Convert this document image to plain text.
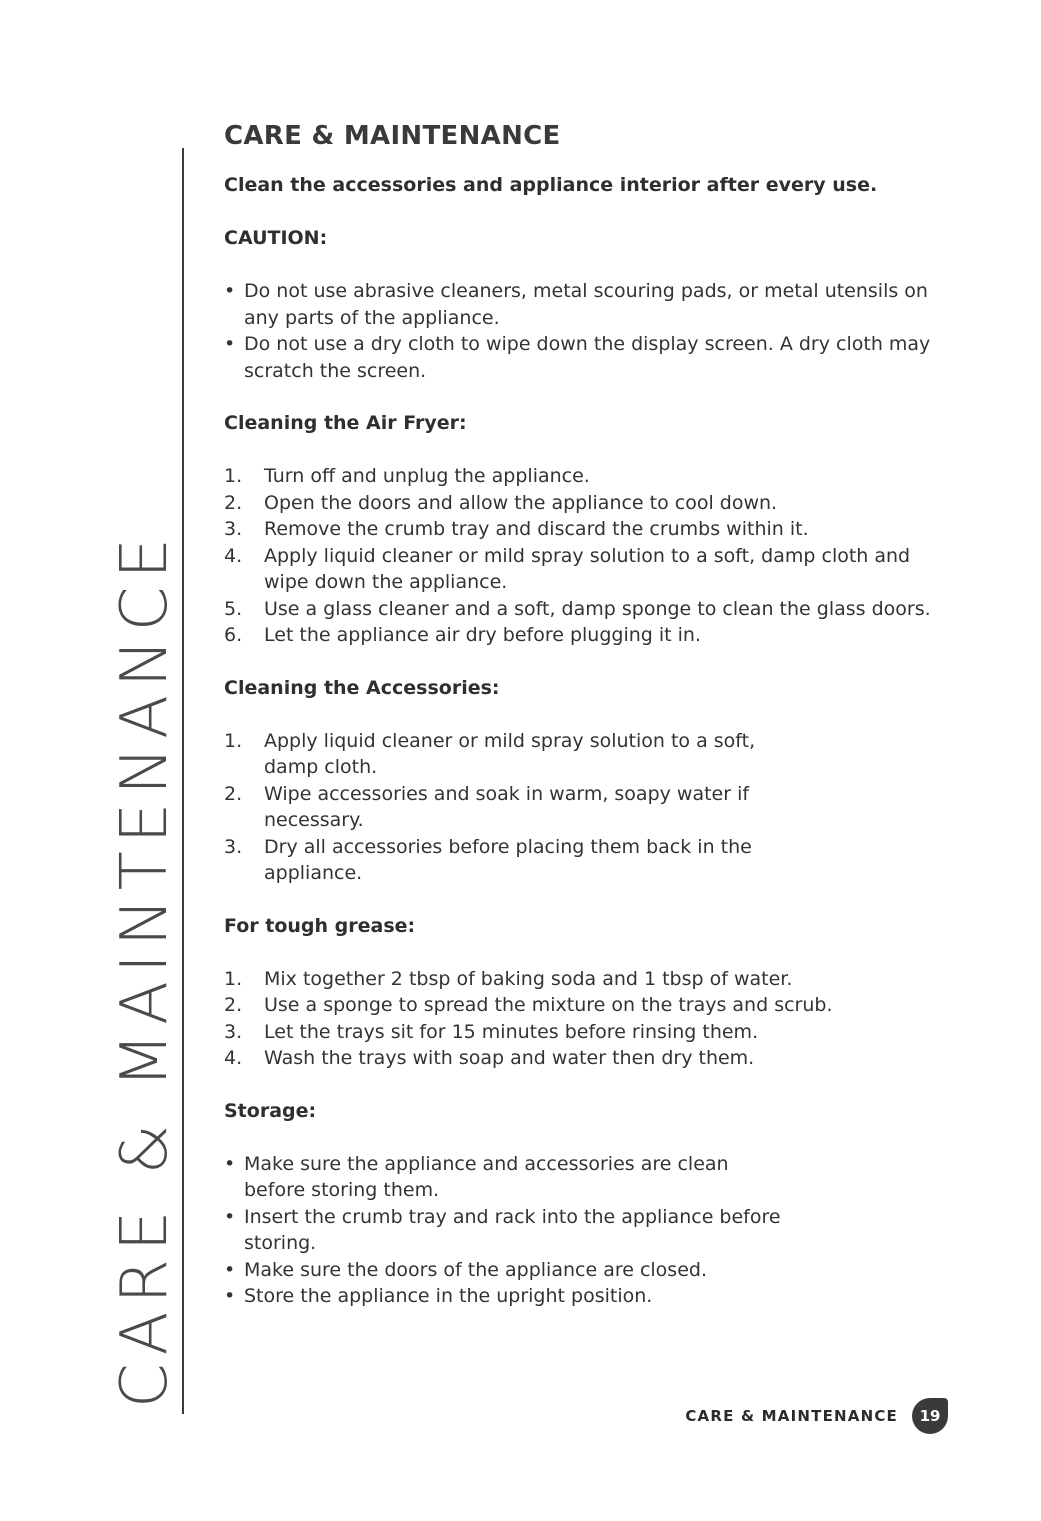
CARE & MAINTENANCE
CARE & MAINTENANCE

Clean the accessories and appliance interior after every use.

CAUTION:

• Do not use abrasive cleaners, metal scouring pads, or metal utensils on any parts of the appliance.
• Do not use a dry cloth to wipe down the display screen. A dry cloth may scratch the screen.

Cleaning the Air Fryer:

1. Turn off and unplug the appliance.
2. Open the doors and allow the appliance to cool down.
3. Remove the crumb tray and discard the crumbs within it.
4. Apply liquid cleaner or mild spray solution to a soft, damp cloth and wipe down the appliance.
5. Use a glass cleaner and a soft, damp sponge to clean the glass doors.
6. Let the appliance air dry before plugging it in.

Cleaning the Accessories:

1. Apply liquid cleaner or mild spray solution to a soft, damp cloth.
2. Wipe accessories and soak in warm, soapy water if necessary.
3. Dry all accessories before placing them back in the appliance.

For tough grease:

1. Mix together 2 tbsp of baking soda and 1 tbsp of water.
2. Use a sponge to spread the mixture on the trays and scrub.
3. Let the trays sit for 15 minutes before rinsing them.
4. Wash the trays with soap and water then dry them.

Storage:

• Make sure the appliance and accessories are clean before storing them.
• Insert the crumb tray and rack into the appliance before storing.
• Make sure the doors of the appliance are closed.
• Store the appliance in the upright position.
CARE & MAINTENANCE	19
